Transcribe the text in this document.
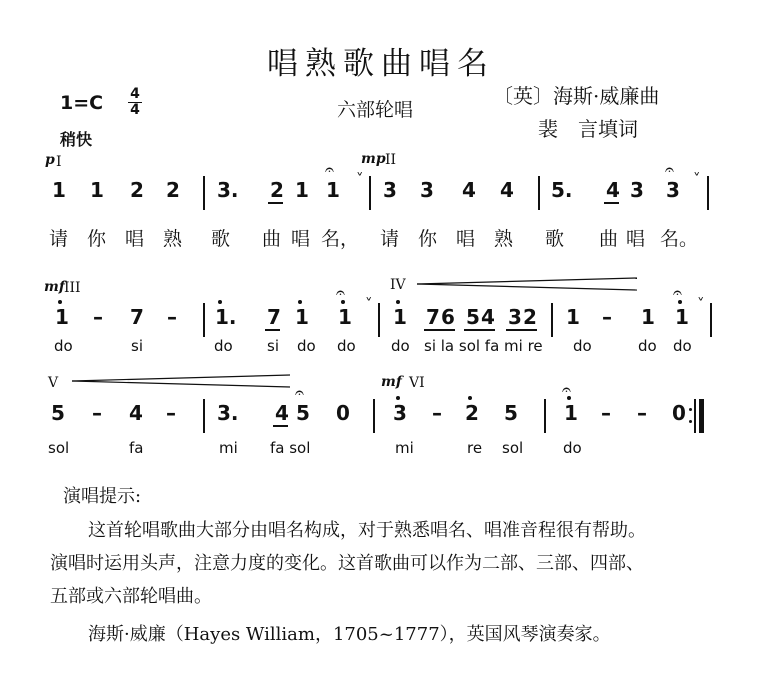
唱熟歌曲唱名
1=C 4
4
稍快
六部轮唱
〔英〕海斯·威廉曲
裴　言填词
p I	mp II
1 1 2 2 3. 2 1 1
𝄐 ˅ 3 3 4 4 5. 4 3 3
𝄐 ˅
请 你 唱 熟 歌 曲 唱 名， 请 你 唱 熟 歌 曲 唱 名。
mf III	IV
1 – 7 – 1. 7 1 1
𝄐
˅
1 7 6 5 4 3 2 1 – 1 1
𝄐
˅
do	si	do si do do do si la sol fa mi re do	do do
V	mf VI
5 – 4 – 3. 4 5
𝄐
0 3 – 2 5 1
𝄐
– – 0
sol	fa	mi fa sol	mi	re sol	do
演唱提示:
这首轮唱歌曲大部分由唱名构成，对于熟悉唱名、唱准音程很有帮助。
演唱时运用头声，注意力度的变化。这首歌曲可以作为二部、三部、四部、
五部或六部轮唱曲。
海斯·威廉（Hayes William，1705~1777），英国风琴演奏家。
